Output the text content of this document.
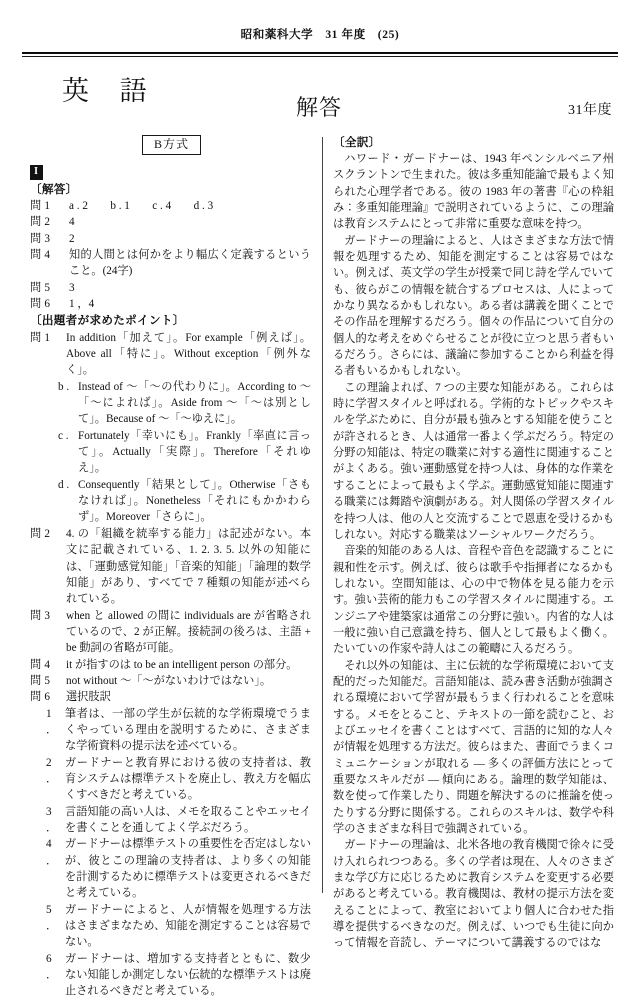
昭和薬科大学　31 年度　(25)
英 語
解答	31年度
B方式
I
〔解答〕
問 1	a . 2　　b . 1　　c . 4　　d . 3
問 2	4
問 3	2
問 4	知的人間とは何かをより幅広く定義するということ。(24字)
問 5	3
問 6	1 ，4
〔出題者が求めたポイント〕
問 1	In addition「加えて」。For example「例えば」。Above all「特に」。Without exception「例外なく」。
b . Instead of ～「～の代わりに」。According to ～「～によれば」。Aside from ～「～は別として」。Because of ～「～ゆえに」。
c . Fortunately「幸いにも」。Frankly「率直に言って」。Actually「実際」。Therefore「それゆえ」。
d . Consequently「結果として」。Otherwise「さもなければ」。Nonetheless「それにもかかわらず」。Moreover「さらに」。
問 2	4. の「組織を統率する能力」は記述がない。本文に記載されている、1. 2. 3. 5. 以外の知能には、「運動感覚知能」「音楽的知能」「論理的数学知能」があり、すべてで 7 種類の知能が述べられている。
問 3	when と allowed の間に individuals are が省略されているので、2 が正解。接続詞の後ろは、主語 + be 動詞の省略が可能。
問 4	it が指すのは to be an intelligent person の部分。
問 5	not without ～「～がないわけではない」。
問 6	選択肢訳
1 ．
筆者は、一部の学生が伝統的な学術環境でうまくやっている理由を説明するために、さまざまな学術資料の提示法を述べている。
2 ．
ガードナーと教育界における彼の支持者は、教育システムは標準テストを廃止し、教え方を幅広くすべきだと考えている。
3 ．
言語知能の高い人は、メモを取ることやエッセイを書くことを通してよく学ぶだろう。
4 ．
ガードナーは標準テストの重要性を否定はしないが、彼とこの理論の支持者は、より多くの知能を計測するために標準テストは変更されるべきだと考えている。
5 ．
ガードナーによると、人が情報を処理する方法はさまざまなため、知能を測定することは容易でない。
6 ．
ガードナーは、増加する支持者とともに、数少ない知能しか測定しない伝統的な標準テストは廃止されるべきだと考えている。
〔全訳〕

ハワード・ガードナーは、1943 年ペンシルベニア州スクラントンで生まれた。彼は多重知能論で最もよく知られた心理学者である。彼の 1983 年の著書『心の枠組み：多重知能理論』で説明されているように、この理論は教育システムにとって非常に重要な意味を持つ。

ガードナーの理論によると、人はさまざまな方法で情報を処理するため、知能を測定することは容易ではない。例えば、英文学の学生が授業で同じ詩を学んでいても、彼らがこの情報を統合するプロセスは、人によってかなり異なるかもしれない。ある者は講義を聞くことでその作品を理解するだろう。個々の作品について自分の個人的な考えをめぐらせることが役に立つと思う者もいるだろう。さらには、議論に参加することから利益を得る者もいるかもしれない。

この理論よれば、7 つの主要な知能がある。これらは時に学習スタイルと呼ばれる。学術的なトピックやスキルを学ぶために、自分が最も強みとする知能を使うことが許されるとき、人は通常一番よく学ぶだろう。特定の分野の知能は、特定の職業に対する適性に関連することがよくある。強い運動感覚を持つ人は、身体的な作業をすることによって最もよく学ぶ。運動感覚知能に関連する職業には舞踏や演劇がある。対人関係の学習スタイルを持つ人は、他の人と交流することで恩恵を受けるかもしれない。対応する職業はソーシャルワークだろう。

音楽的知能のある人は、音程や音色を認識することに親和性を示す。例えば、彼らは歌手や指揮者になるかもしれない。空間知能は、心の中で物体を見る能力を示す。強い芸術的能力もこの学習スタイルに関連する。エンジニアや建築家は通常この分野に強い。内省的な人は一般に強い自己意識を持ち、個人として最もよく働く。たいていの作家や詩人はこの範疇に入るだろう。

それ以外の知能は、主に伝統的な学術環境において支配的だった知能だ。言語知能は、読み書き活動が強調される環境において学習が最もうまく行われることを意味する。メモをとること、テキストの一節を読むこと、およびエッセイを書くことはすべて、言語的に知的な人々が情報を処理する方法だ。彼らはまた、書面でうまくコミュニケーションが取れる ― 多くの評価方法にとって重要なスキルだが ― 傾向にある。論理的数学知能は、数を使って作業したり、問題を解決するのに推論を使ったりする分野に関係する。これらのスキルは、数学や科学のさまざまな科目で強調されている。

ガードナーの理論は、北米各地の教育機関で徐々に受け入れられつつある。多くの学者は現在、人々のさまざまな学び方に応じるために教育システムを変更する必要があると考えている。教育機関は、教材の提示方法を変えることによって、教室においてより個人に合わせた指導を提供するべきなのだ。例えば、いつでも生徒に向かって情報を音読し、テーマについて講義するのではな
